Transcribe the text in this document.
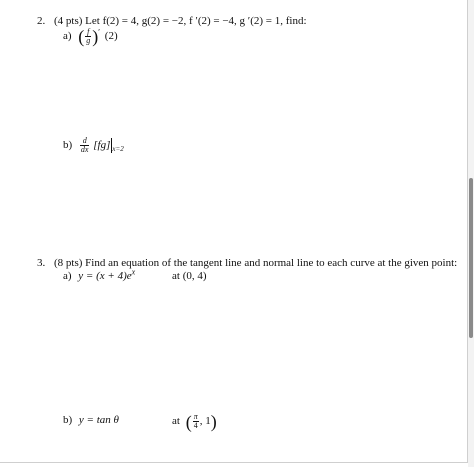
2. (4 pts) Let f(2) = 4, g(2) = −2, f ′(2) = −4, g ′(2) = 1, find:
a) ( $\frac{f}{g} )'$ (2)
$b) \frac{d}{dx} [fg]$ $_{x=2}$
3. (8 pts) Find an equation of the tangent line and normal line to each curve at the given point:
a) $y = (x + 4)e^x$	at (0, 4)
b) y = tan θ	at ( $\frac{\pi}{4}$ , 1)
